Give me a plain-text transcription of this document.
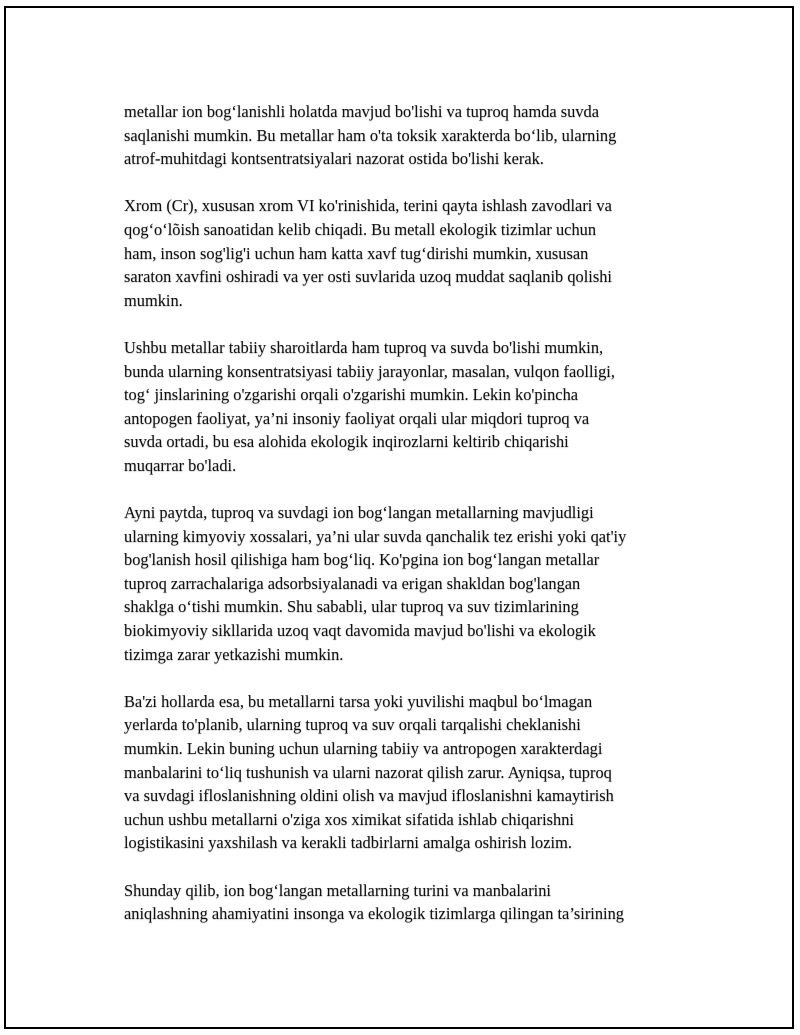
metallar ion bog‘lanishli holatda mavjud bo'lishi va tuproq hamda suvda
saqlanishi mumkin. Bu metallar ham o'ta toksik xarakterda bo‘lib, ularning
atrof-muhitdagi kontsentratsiyalari nazorat ostida bo'lishi kerak.

Xrom (Cr), xususan xrom VI ko'rinishida, terini qayta ishlash zavodlari va
qog‘o‘lõish sanoatidan kelib chiqadi. Bu metall ekologik tizimlar uchun
ham, inson sog'lig'i uchun ham katta xavf tug‘dirishi mumkin, xususan
saraton xavfini oshiradi va yer osti suvlarida uzoq muddat saqlanib qolishi
mumkin.

Ushbu metallar tabiiy sharoitlarda ham tuproq va suvda bo'lishi mumkin,
bunda ularning konsentratsiyasi tabiiy jarayonlar, masalan, vulqon faolligi,
tog‘ jinslarining o'zgarishi orqali o'zgarishi mumkin. Lekin ko'pincha
antopogen faoliyat, ya’ni insoniy faoliyat orqali ular miqdori tuproq va
suvda ortadi, bu esa alohida ekologik inqirozlarni keltirib chiqarishi
muqarrar bo'ladi.

Ayni paytda, tuproq va suvdagi ion bog‘langan metallarning mavjudligi
ularning kimyoviy xossalari, ya’ni ular suvda qanchalik tez erishi yoki qat'iy
bog'lanish hosil qilishiga ham bog‘liq. Ko'pgina ion bog‘langan metallar
tuproq zarrachalariga adsorbsiyalanadi va erigan shakldan bog'langan
shaklga o‘tishi mumkin. Shu sababli, ular tuproq va suv tizimlarining
biokimyoviy sikllarida uzoq vaqt davomida mavjud bo'lishi va ekologik
tizimga zarar yetkazishi mumkin.

Ba'zi hollarda esa, bu metallarni tarsa yoki yuvilishi maqbul bo‘lmagan
yerlarda to'planib, ularning tuproq va suv orqali tarqalishi cheklanishi
mumkin. Lekin buning uchun ularning tabiiy va antropogen xarakterdagi
manbalarini to‘liq tushunish va ularni nazorat qilish zarur. Ayniqsa, tuproq
va suvdagi ifloslanishning oldini olish va mavjud ifloslanishni kamaytirish
uchun ushbu metallarni o'ziga xos ximikat sifatida ishlab chiqarishni
logistikasini yaxshilash va kerakli tadbirlarni amalga oshirish lozim.

Shunday qilib, ion bog‘langan metallarning turini va manbalarini
aniqlashning ahamiyatini insonga va ekologik tizimlarga qilingan ta’sirining
